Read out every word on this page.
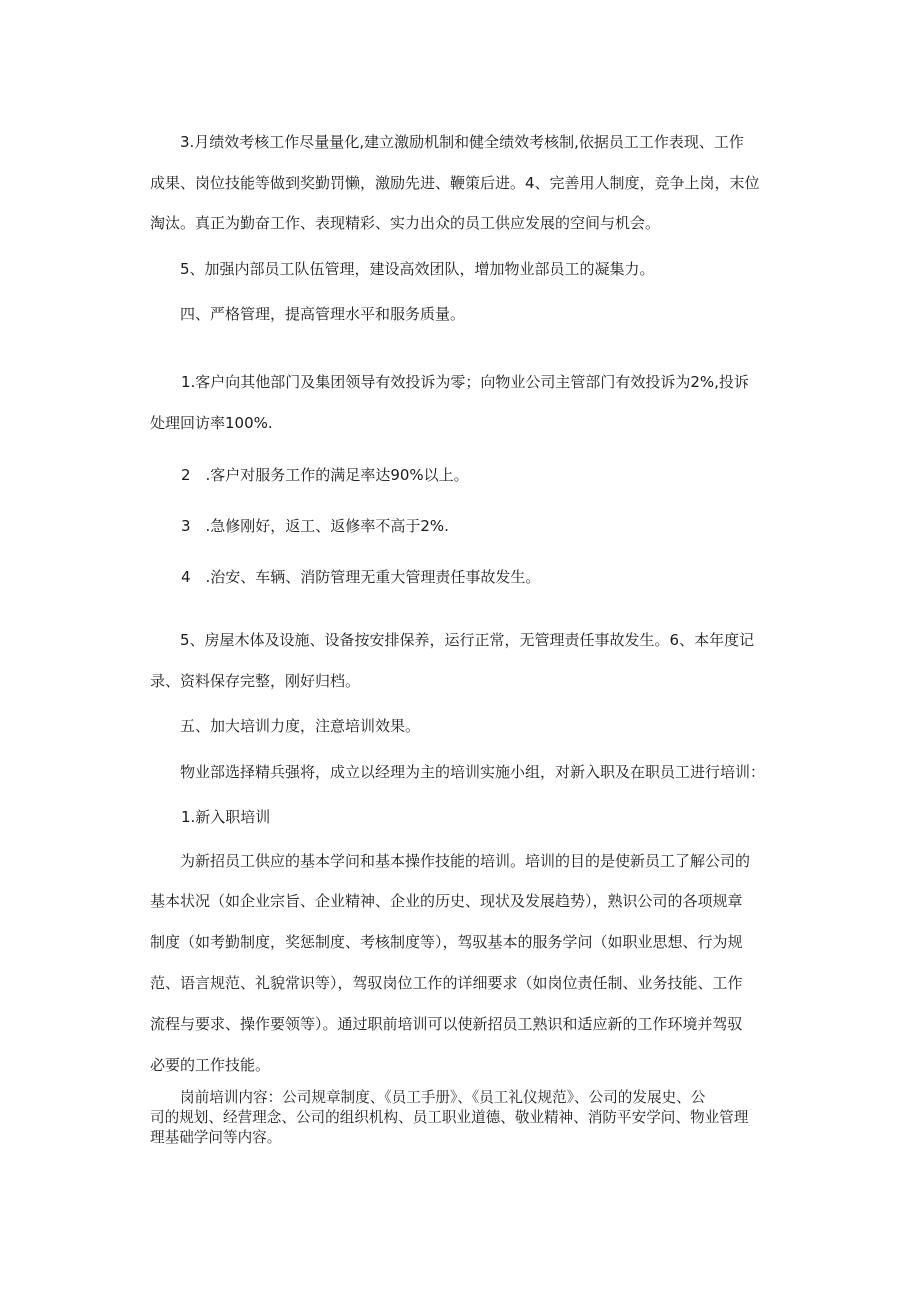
3.月绩效考核工作尽量量化,建立激励机制和健全绩效考核制,依据员工工作表现、工作
成果、岗位技能等做到奖勤罚懒，激励先进、鞭策后进。4、完善用人制度，竞争上岗，末位
淘汰。真正为勤奋工作、表现精彩、实力出众的员工供应发展的空间与机会。
5、加强内部员工队伍管理，建设高效团队，增加物业部员工的凝集力。
四、严格管理，提高管理水平和服务质量。
1.客户向其他部门及集团领导有效投诉为零；向物业公司主管部门有效投诉为2%,投诉
处理回访率100%.
2 .客户对服务工作的满足率达90%以上。
3 .急修刚好，返工、返修率不高于2%.
4 .治安、车辆、消防管理无重大管理责任事故发生。
5、房屋木体及设施、设备按安排保养，运行正常，无管理责任事故发生。6、本年度记
录、资料保存完整，刚好归档。
五、加大培训力度，注意培训效果。
物业部选择精兵强将，成立以经理为主的培训实施小组，对新入职及在职员工进行培训：
1.新入职培训
为新招员工供应的基本学问和基本操作技能的培训。培训的目的是使新员工了解公司的
基本状况（如企业宗旨、企业精神、企业的历史、现状及发展趋势），熟识公司的各项规章
制度（如考勤制度，奖惩制度、考核制度等），驾驭基本的服务学问（如职业思想、行为规
范、语言规范、礼貌常识等），驾驭岗位工作的详细要求（如岗位责任制、业务技能、工作
流程与要求、操作要领等）。通过职前培训可以使新招员工熟识和适应新的工作环境并驾驭
必要的工作技能。
岗前培训内容：公司规章制度、《员工手册》、《员工礼仪规范》、公司的发展史、公
司的规划、经营理念、公司的组织机构、员工职业道德、敬业精神、消防平安学问、物业管理
理基础学问等内容。
